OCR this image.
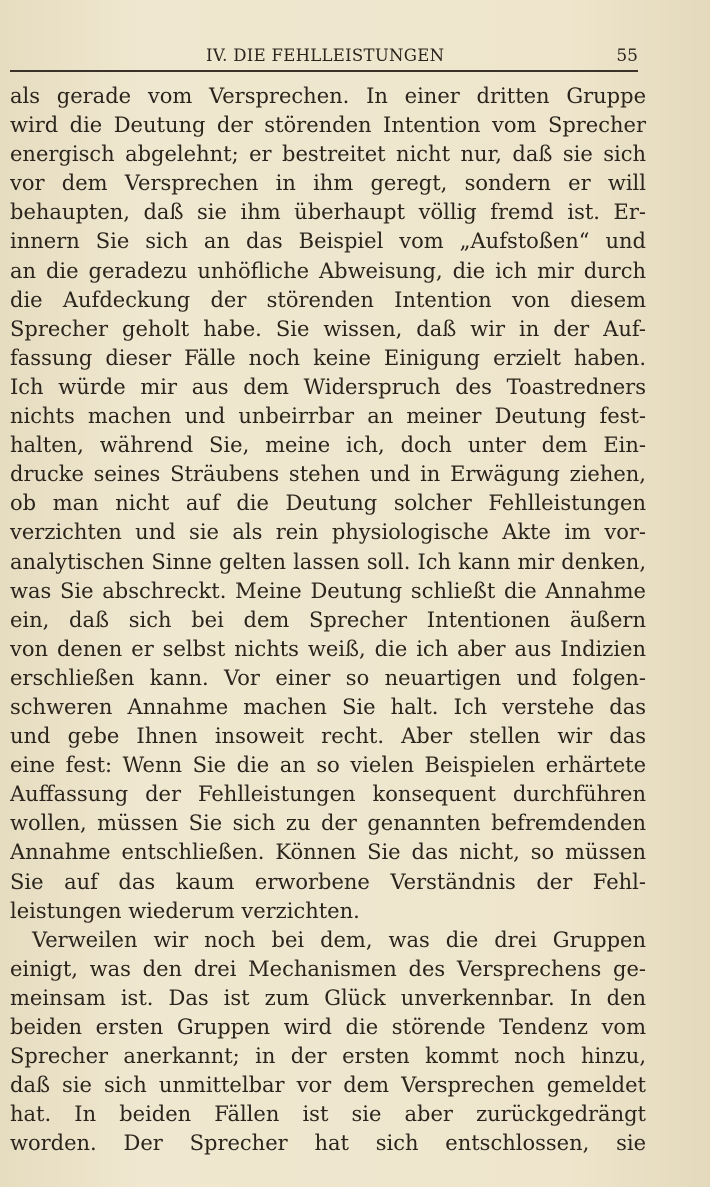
IV. DIE FEHLLEISTUNGEN	55

als gerade vom Versprechen. In einer dritten Gruppe
wird die Deutung der störenden Intention vom Sprecher
energisch abgelehnt; er bestreitet nicht nur, daß sie sich
vor dem Versprechen in ihm geregt, sondern er will
behaupten, daß sie ihm überhaupt völlig fremd ist. Er-
innern Sie sich an das Beispiel vom „Aufstoßen“ und
an die geradezu unhöfliche Abweisung, die ich mir durch
die Aufdeckung der störenden Intention von diesem
Sprecher geholt habe. Sie wissen, daß wir in der Auf-
fassung dieser Fälle noch keine Einigung erzielt haben.
Ich würde mir aus dem Widerspruch des Toastredners
nichts machen und unbeirrbar an meiner Deutung fest-
halten, während Sie, meine ich, doch unter dem Ein-
drucke seines Sträubens stehen und in Erwägung ziehen,
ob man nicht auf die Deutung solcher Fehlleistungen
verzichten und sie als rein physiologische Akte im vor-
analytischen Sinne gelten lassen soll. Ich kann mir denken,
was Sie abschreckt. Meine Deutung schließt die Annahme
ein, daß sich bei dem Sprecher Intentionen äußern
von denen er selbst nichts weiß, die ich aber aus Indizien
erschließen kann. Vor einer so neuartigen und folgen-
schweren Annahme machen Sie halt. Ich verstehe das
und gebe Ihnen insoweit recht. Aber stellen wir das
eine fest: Wenn Sie die an so vielen Beispielen erhärtete
Auffassung der Fehlleistungen konsequent durchführen
wollen, müssen Sie sich zu der genannten befremdenden
Annahme entschließen. Können Sie das nicht, so müssen
Sie auf das kaum erworbene Verständnis der Fehl-
leistungen wiederum verzichten.

Verweilen wir noch bei dem, was die drei Gruppen
einigt, was den drei Mechanismen des Versprechens ge-
meinsam ist. Das ist zum Glück unverkennbar. In den
beiden ersten Gruppen wird die störende Tendenz vom
Sprecher anerkannt; in der ersten kommt noch hinzu,
daß sie sich unmittelbar vor dem Versprechen gemeldet
hat. In beiden Fällen ist sie aber zurückgedrängt
worden. Der Sprecher hat sich entschlossen, sie
